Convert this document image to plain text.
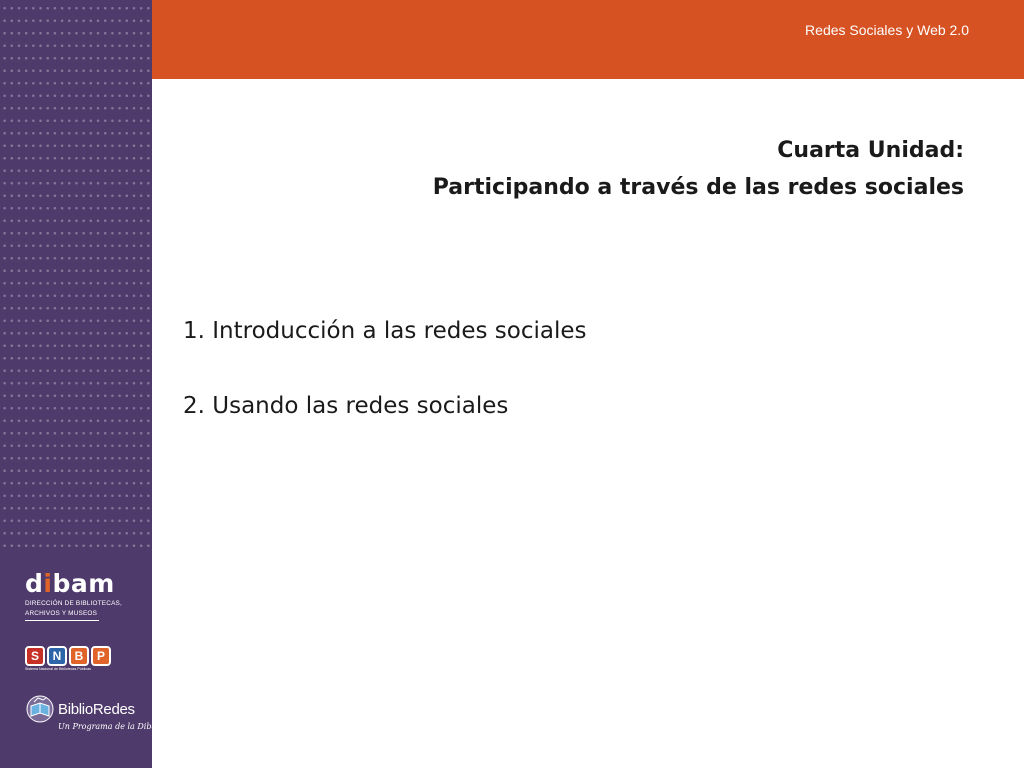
Redes Sociales y Web 2.0
Cuarta Unidad:
Participando a través de las redes sociales
1. Introducción a las redes sociales
2. Usando las redes sociales
dibam
DIRECCIÓN DE BIBLIOTECAS,
ARCHIVOS Y MUSEOS
S	N	B	P
Sistema Nacional de Bibliotecas Públicas
BiblioRedes
Un Programa de la Dibam
